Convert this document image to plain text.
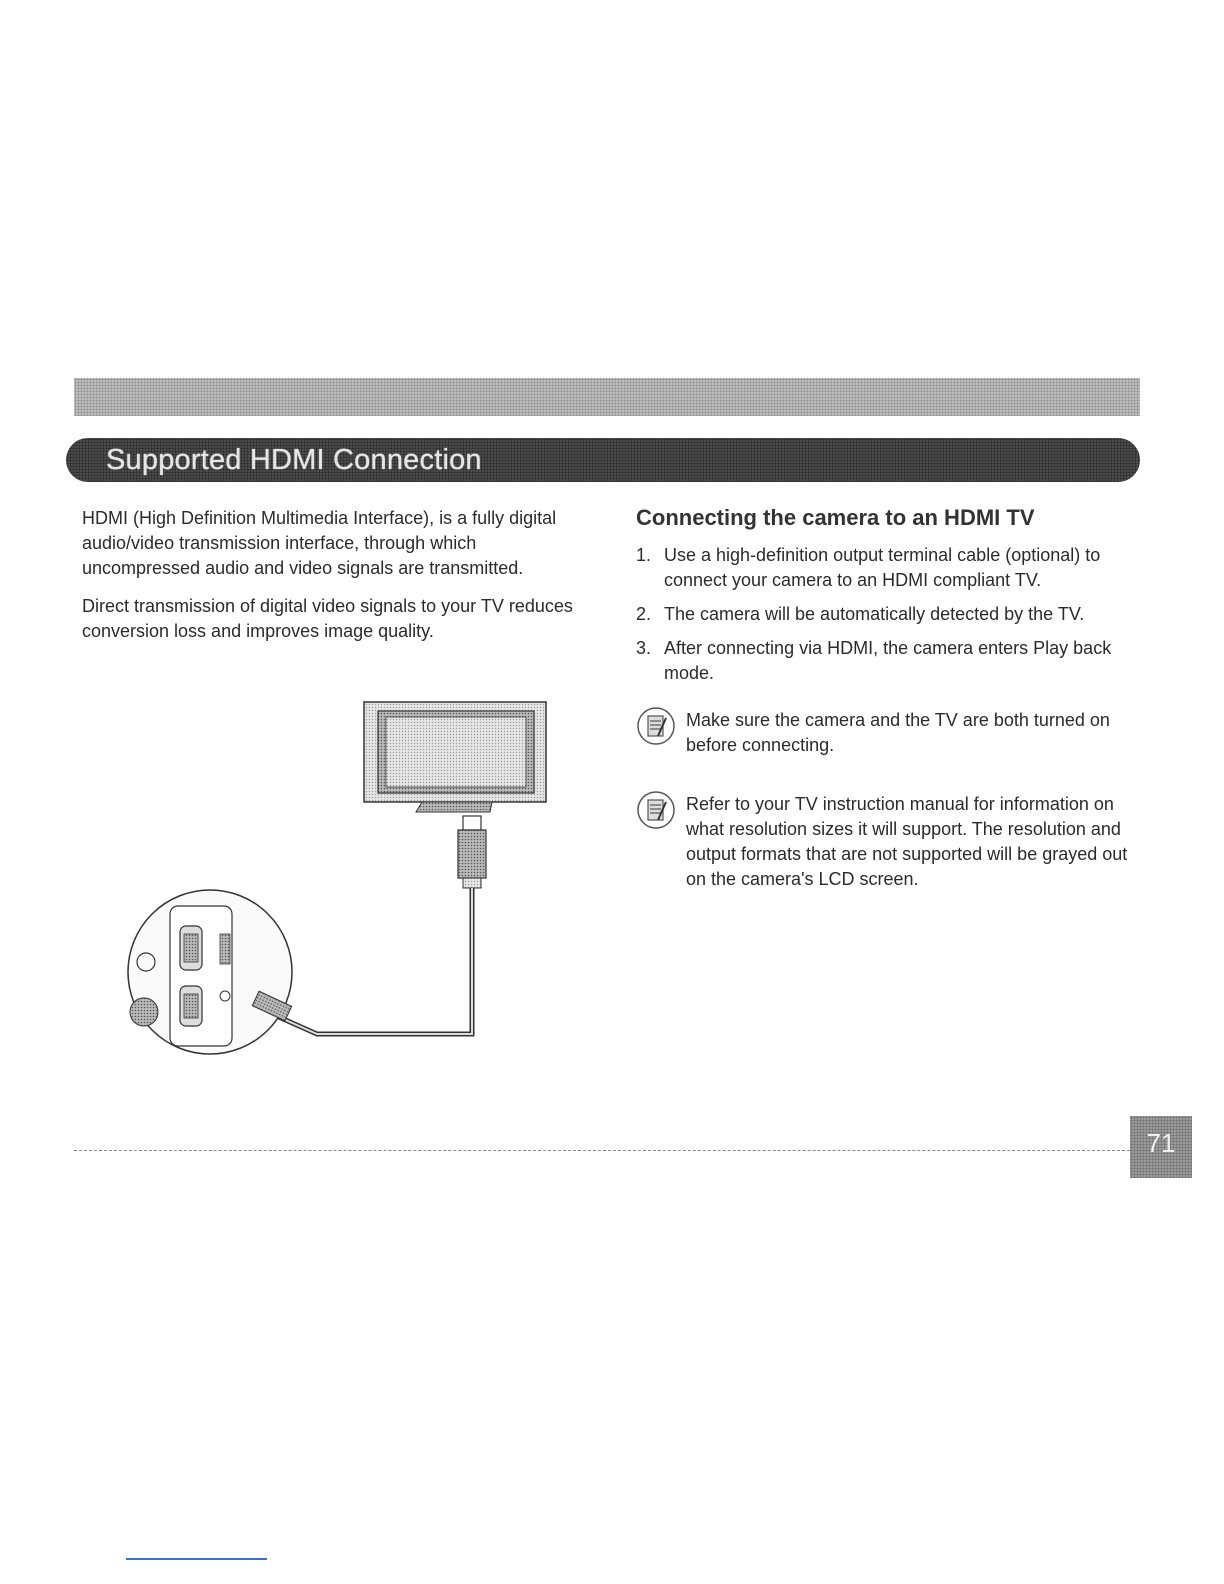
Supported HDMI Connection

HDMI (High Definition Multimedia Interface), is a fully digital audio/video transmission interface, through which uncompressed audio and video signals are transmitted.

Direct transmission of digital video signals to your TV reduces conversion loss and improves image quality.

Connecting the camera to an HDMI TV
1. Use a high-definition output terminal cable (optional) to connect your camera to an HDMI compliant TV.
2. The camera will be automatically detected by the TV.
3. After connecting via HDMI, the camera enters Play back mode.
Make sure the camera and the TV are both turned on before connecting.
Refer to your TV instruction manual for information on what resolution sizes it will support. The resolution and output formats that are not supported will be grayed out on the camera's LCD screen.
71
